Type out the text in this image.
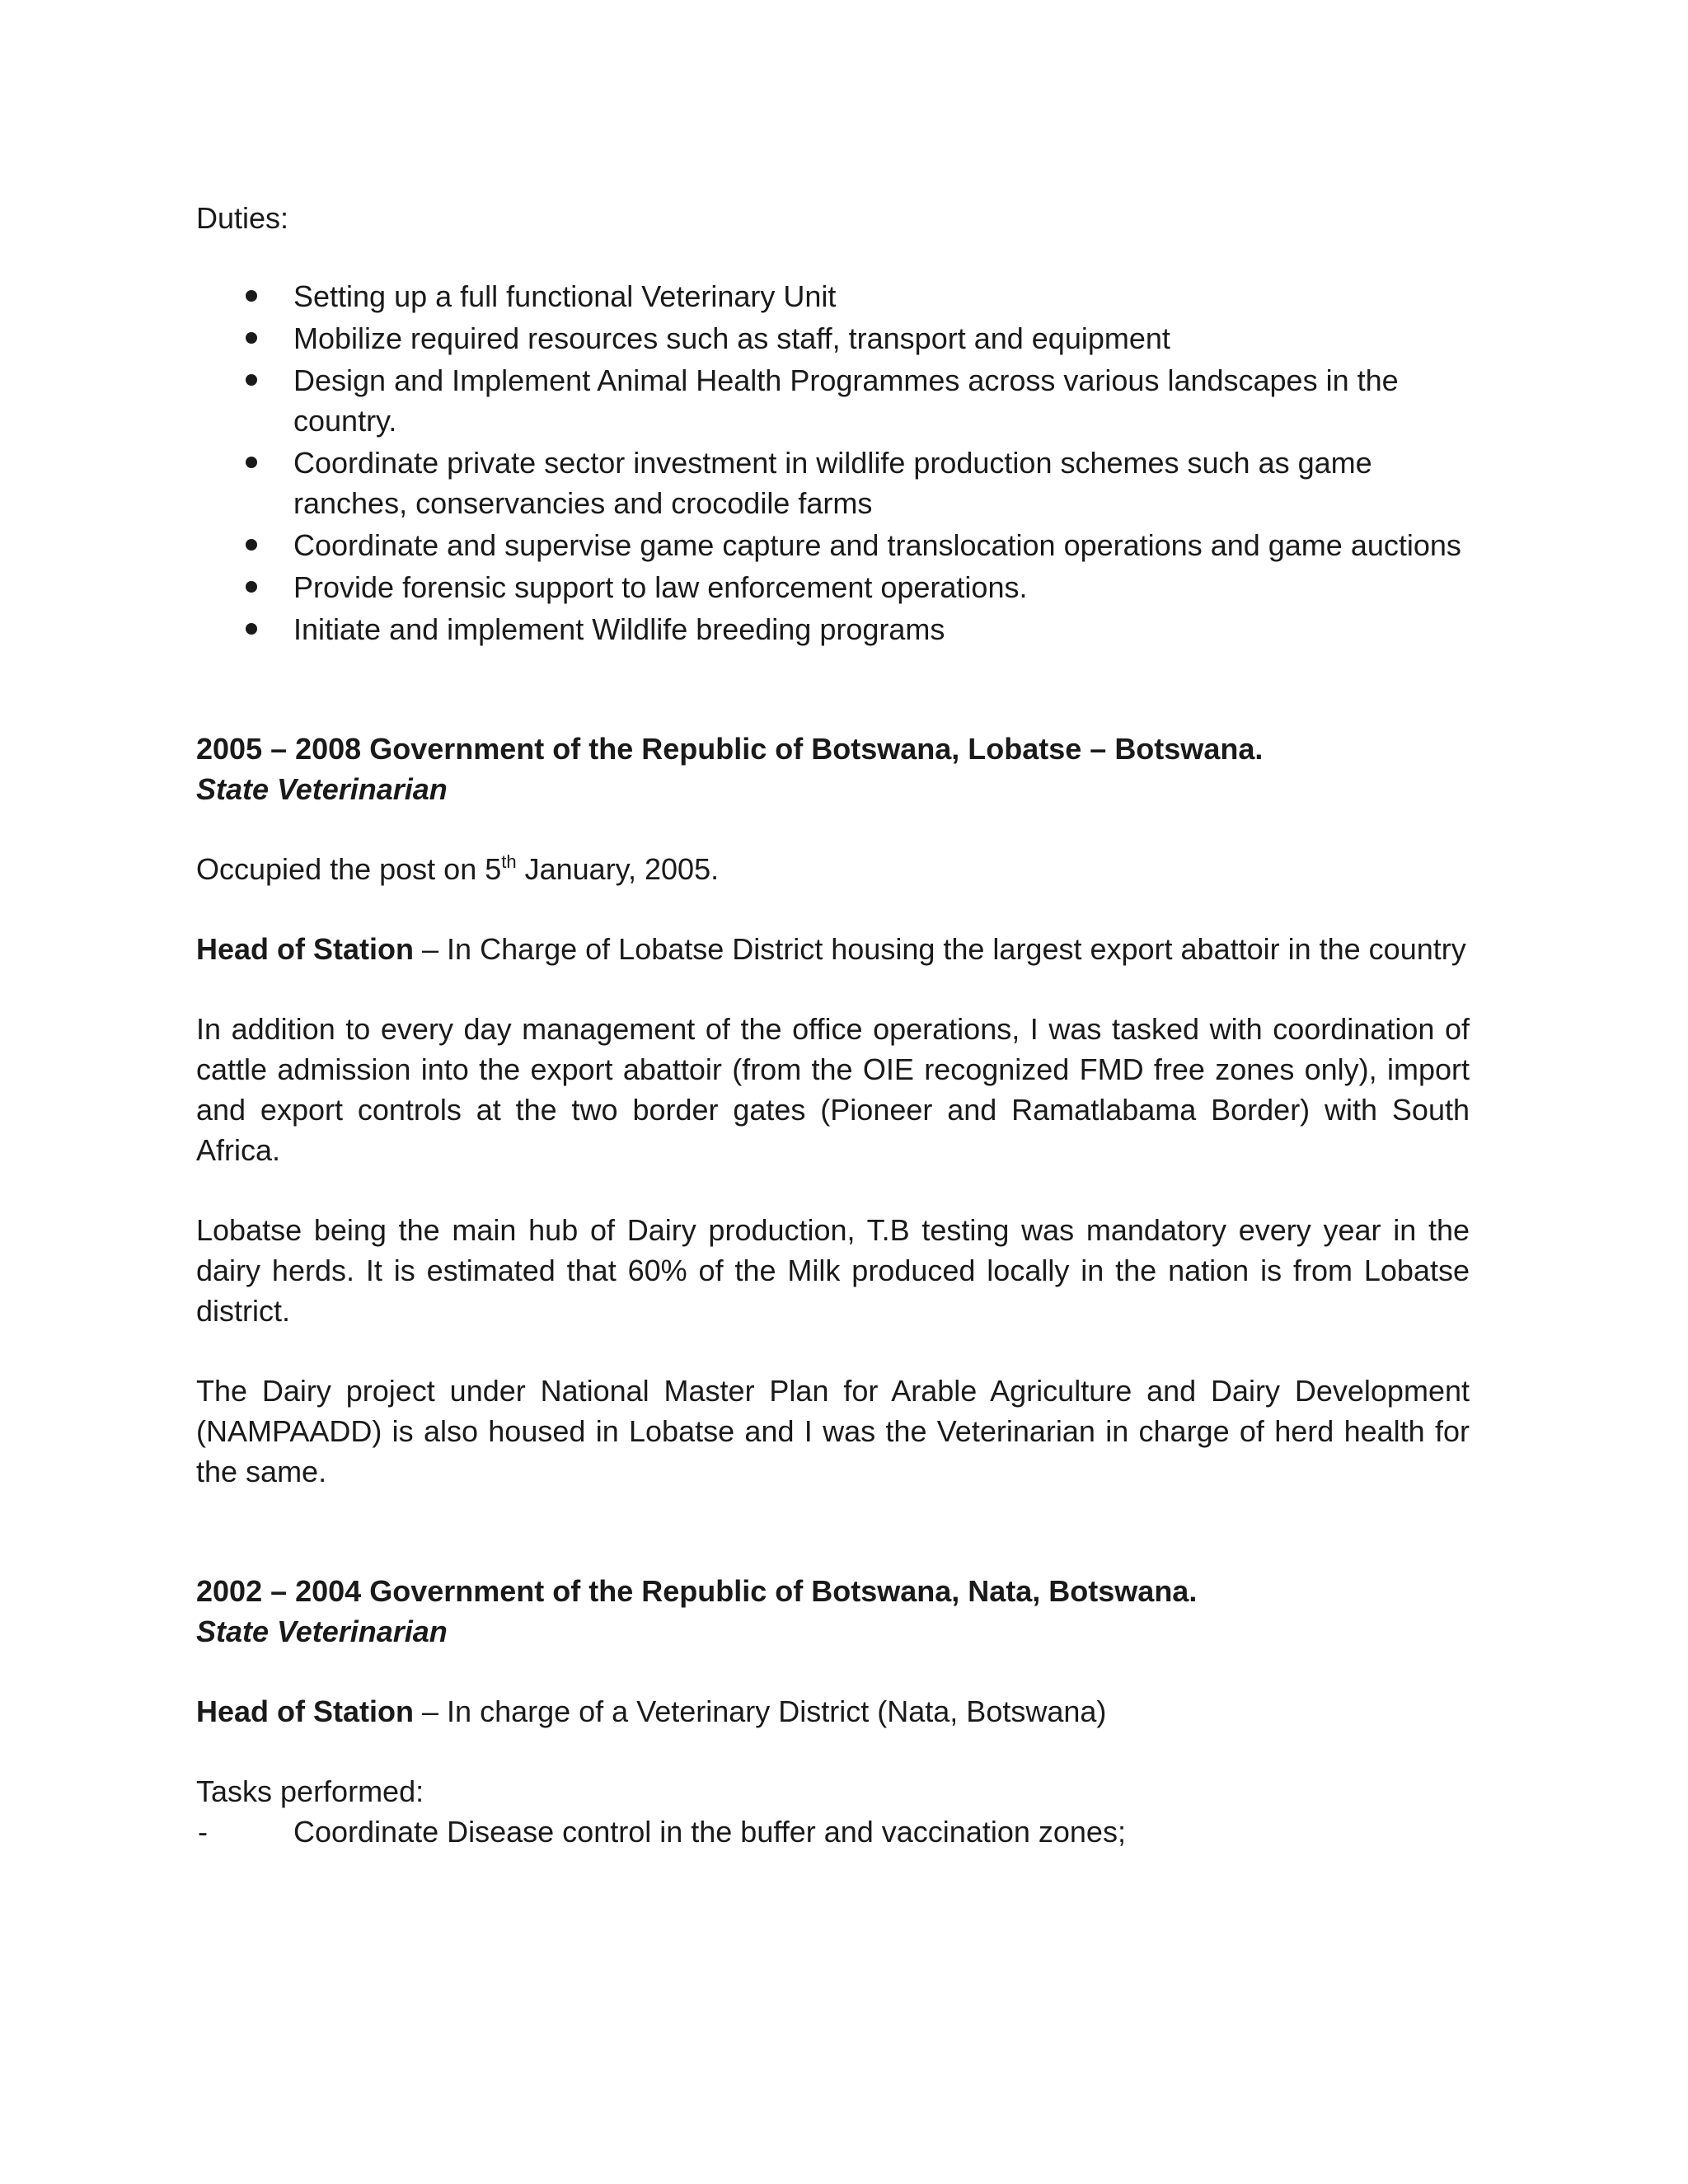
Duties:

Setting up a full functional Veterinary Unit
Mobilize required resources such as staff, transport and equipment
Design and Implement Animal Health Programmes across various landscapes in the country.
Coordinate private sector investment in wildlife production schemes such as game ranches, conservancies and crocodile farms
Coordinate and supervise game capture and translocation operations and game auctions
Provide forensic support to law enforcement operations.
Initiate and implement Wildlife breeding programs

2005 – 2008 Government of the Republic of Botswana, Lobatse – Botswana.

State Veterinarian

Occupied the post on 5th January, 2005.

Head of Station – In Charge of Lobatse District housing the largest export abattoir in the country

In addition to every day management of the office operations, I was tasked with coordination of cattle admission into the export abattoir (from the OIE recognized FMD free zones only), import and export controls at the two border gates (Pioneer and Ramatlabama Border) with South Africa.

Lobatse being the main hub of Dairy production, T.B testing was mandatory every year in the dairy herds. It is estimated that 60% of the Milk produced locally in the nation is from Lobatse district.

The Dairy project under National Master Plan for Arable Agriculture and Dairy Development (NAMPAADD) is also housed in Lobatse and I was the Veterinarian in charge of herd health for the same.

2002 – 2004 Government of the Republic of Botswana, Nata, Botswana.

State Veterinarian

Head of Station – In charge of a Veterinary District (Nata, Botswana)

Tasks performed:

-	Coordinate Disease control in the buffer and vaccination zones;
